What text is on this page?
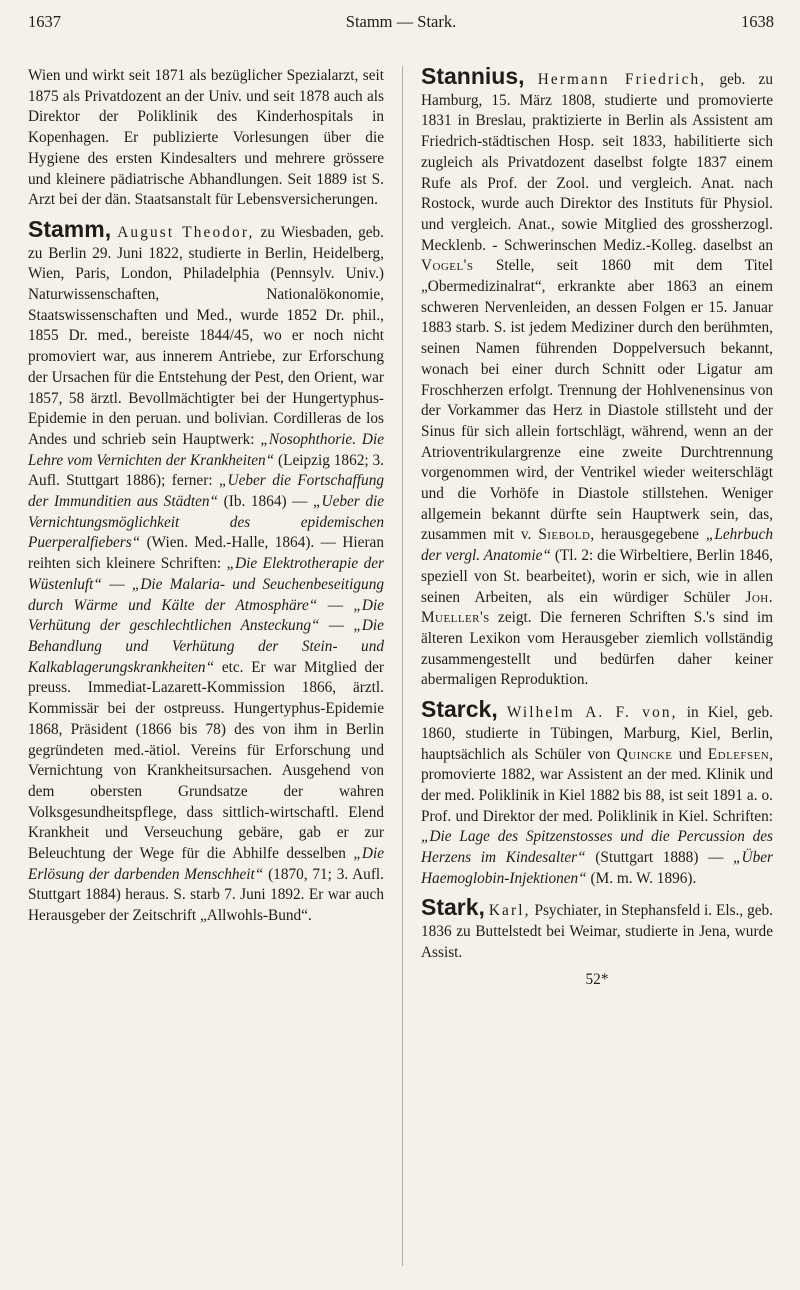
1637	Stamm — Stark.	1638

Wien und wirkt seit 1871 als bezüglicher Spezialarzt, seit 1875 als Privatdozent an der Univ. und seit 1878 auch als Direktor der Poliklinik des Kinderhospitals in Kopenhagen. Er publizierte Vorlesungen über die Hygiene des ersten Kindesalters und mehrere grössere und kleinere pädiatrische Abhandlungen. Seit 1889 ist S. Arzt bei der dän. Staatsanstalt für Lebensversicherungen.

Stamm, August Theodor, zu Wiesbaden, geb. zu Berlin 29. Juni 1822, studierte in Berlin, Heidelberg, Wien, Paris, London, Philadelphia (Pennsylv. Univ.) Naturwissenschaften, Nationalökonomie, Staatswissenschaften und Med., wurde 1852 Dr. phil., 1855 Dr. med., bereiste 1844/45, wo er noch nicht promoviert war, aus innerem Antriebe, zur Erforschung der Ursachen für die Entstehung der Pest, den Orient, war 1857, 58 ärztl. Bevollmächtigter bei der Hungertyphus-Epidemie in den peruan. und bolivian. Cordilleras de los Andes und schrieb sein Hauptwerk: „Nosophthorie. Die Lehre vom Vernichten der Krankheiten“ (Leipzig 1862; 3. Aufl. Stuttgart 1886); ferner: „Ueber die Fortschaffung der Immunditien aus Städten“ (Ib. 1864) — „Ueber die Vernichtungsmöglichkeit des epidemischen Puerperalfiebers“ (Wien. Med.-Halle, 1864). — Hieran reihten sich kleinere Schriften: „Die Elektrotherapie der Wüstenluft“ — „Die Malaria- und Seuchenbeseitigung durch Wärme und Kälte der Atmosphäre“ — „Die Verhütung der geschlechtlichen Ansteckung“ — „Die Behandlung und Verhütung der Stein- und Kalkablagerungskrankheiten“ etc. Er war Mitglied der preuss. Immediat-Lazarett-Kommission 1866, ärztl. Kommissär bei der ostpreuss. Hungertyphus-Epidemie 1868, Präsident (1866 bis 78) des von ihm in Berlin gegründeten med.-ätiol. Vereins für Erforschung und Vernichtung von Krankheitsursachen. Ausgehend von dem obersten Grundsatze der wahren Volksgesundheitspflege, dass sittlich-wirtschaftl. Elend Krankheit und Verseuchung gebäre, gab er zur Beleuchtung der Wege für die Abhilfe desselben „Die Erlösung der darbenden Menschheit“ (1870, 71; 3. Aufl. Stuttgart 1884) heraus. S. starb 7. Juni 1892. Er war auch Herausgeber der Zeitschrift „Allwohls-Bund“.

Stannius, Hermann Friedrich, geb. zu Hamburg, 15. März 1808, studierte und promovierte 1831 in Breslau, praktizierte in Berlin als Assistent am Friedrich-städtischen Hosp. seit 1833, habilitierte sich zugleich als Privatdozent daselbst folgte 1837 einem Rufe als Prof. der Zool. und vergleich. Anat. nach Rostock, wurde auch Direktor des Instituts für Physiol. und vergleich. Anat., sowie Mitglied des grossherzogl. Mecklenb. - Schwerinschen Mediz.-Kolleg. daselbst an Vogel's Stelle, seit 1860 mit dem Titel „Obermedizinalrat“, erkrankte aber 1863 an einem schweren Nervenleiden, an dessen Folgen er 15. Januar 1883 starb. S. ist jedem Mediziner durch den berühmten, seinen Namen führenden Doppelversuch bekannt, wonach bei einer durch Schnitt oder Ligatur am Froschherzen erfolgt. Trennung der Hohlvenensinus von der Vorkammer das Herz in Diastole stillsteht und der Sinus für sich allein fortschlägt, während, wenn an der Atrioventrikulargrenze eine zweite Durchtrennung vorgenommen wird, der Ventrikel wieder weiterschlägt und die Vorhöfe in Diastole stillstehen. Weniger allgemein bekannt dürfte sein Hauptwerk sein, das, zusammen mit v. Siebold, herausgegebene „Lehrbuch der vergl. Anatomie“ (Tl. 2: die Wirbeltiere, Berlin 1846, speziell von St. bearbeitet), worin er sich, wie in allen seinen Arbeiten, als ein würdiger Schüler Joh. Mueller's zeigt. Die ferneren Schriften S.'s sind im älteren Lexikon vom Herausgeber ziemlich vollständig zusammengestellt und bedürfen daher keiner abermaligen Reproduktion.

Starck, Wilhelm A. F. von, in Kiel, geb. 1860, studierte in Tübingen, Marburg, Kiel, Berlin, hauptsächlich als Schüler von Quincke und Edlefsen, promovierte 1882, war Assistent an der med. Klinik und der med. Poliklinik in Kiel 1882 bis 88, ist seit 1891 a. o. Prof. und Direktor der med. Poliklinik in Kiel. Schriften: „Die Lage des Spitzenstosses und die Percussion des Herzens im Kindesalter“ (Stuttgart 1888) — „Über Haemoglobin-Injektionen“ (M. m. W. 1896).

Stark, Karl, Psychiater, in Stephansfeld i. Els., geb. 1836 zu Buttelstedt bei Weimar, studierte in Jena, wurde Assist.

52*
